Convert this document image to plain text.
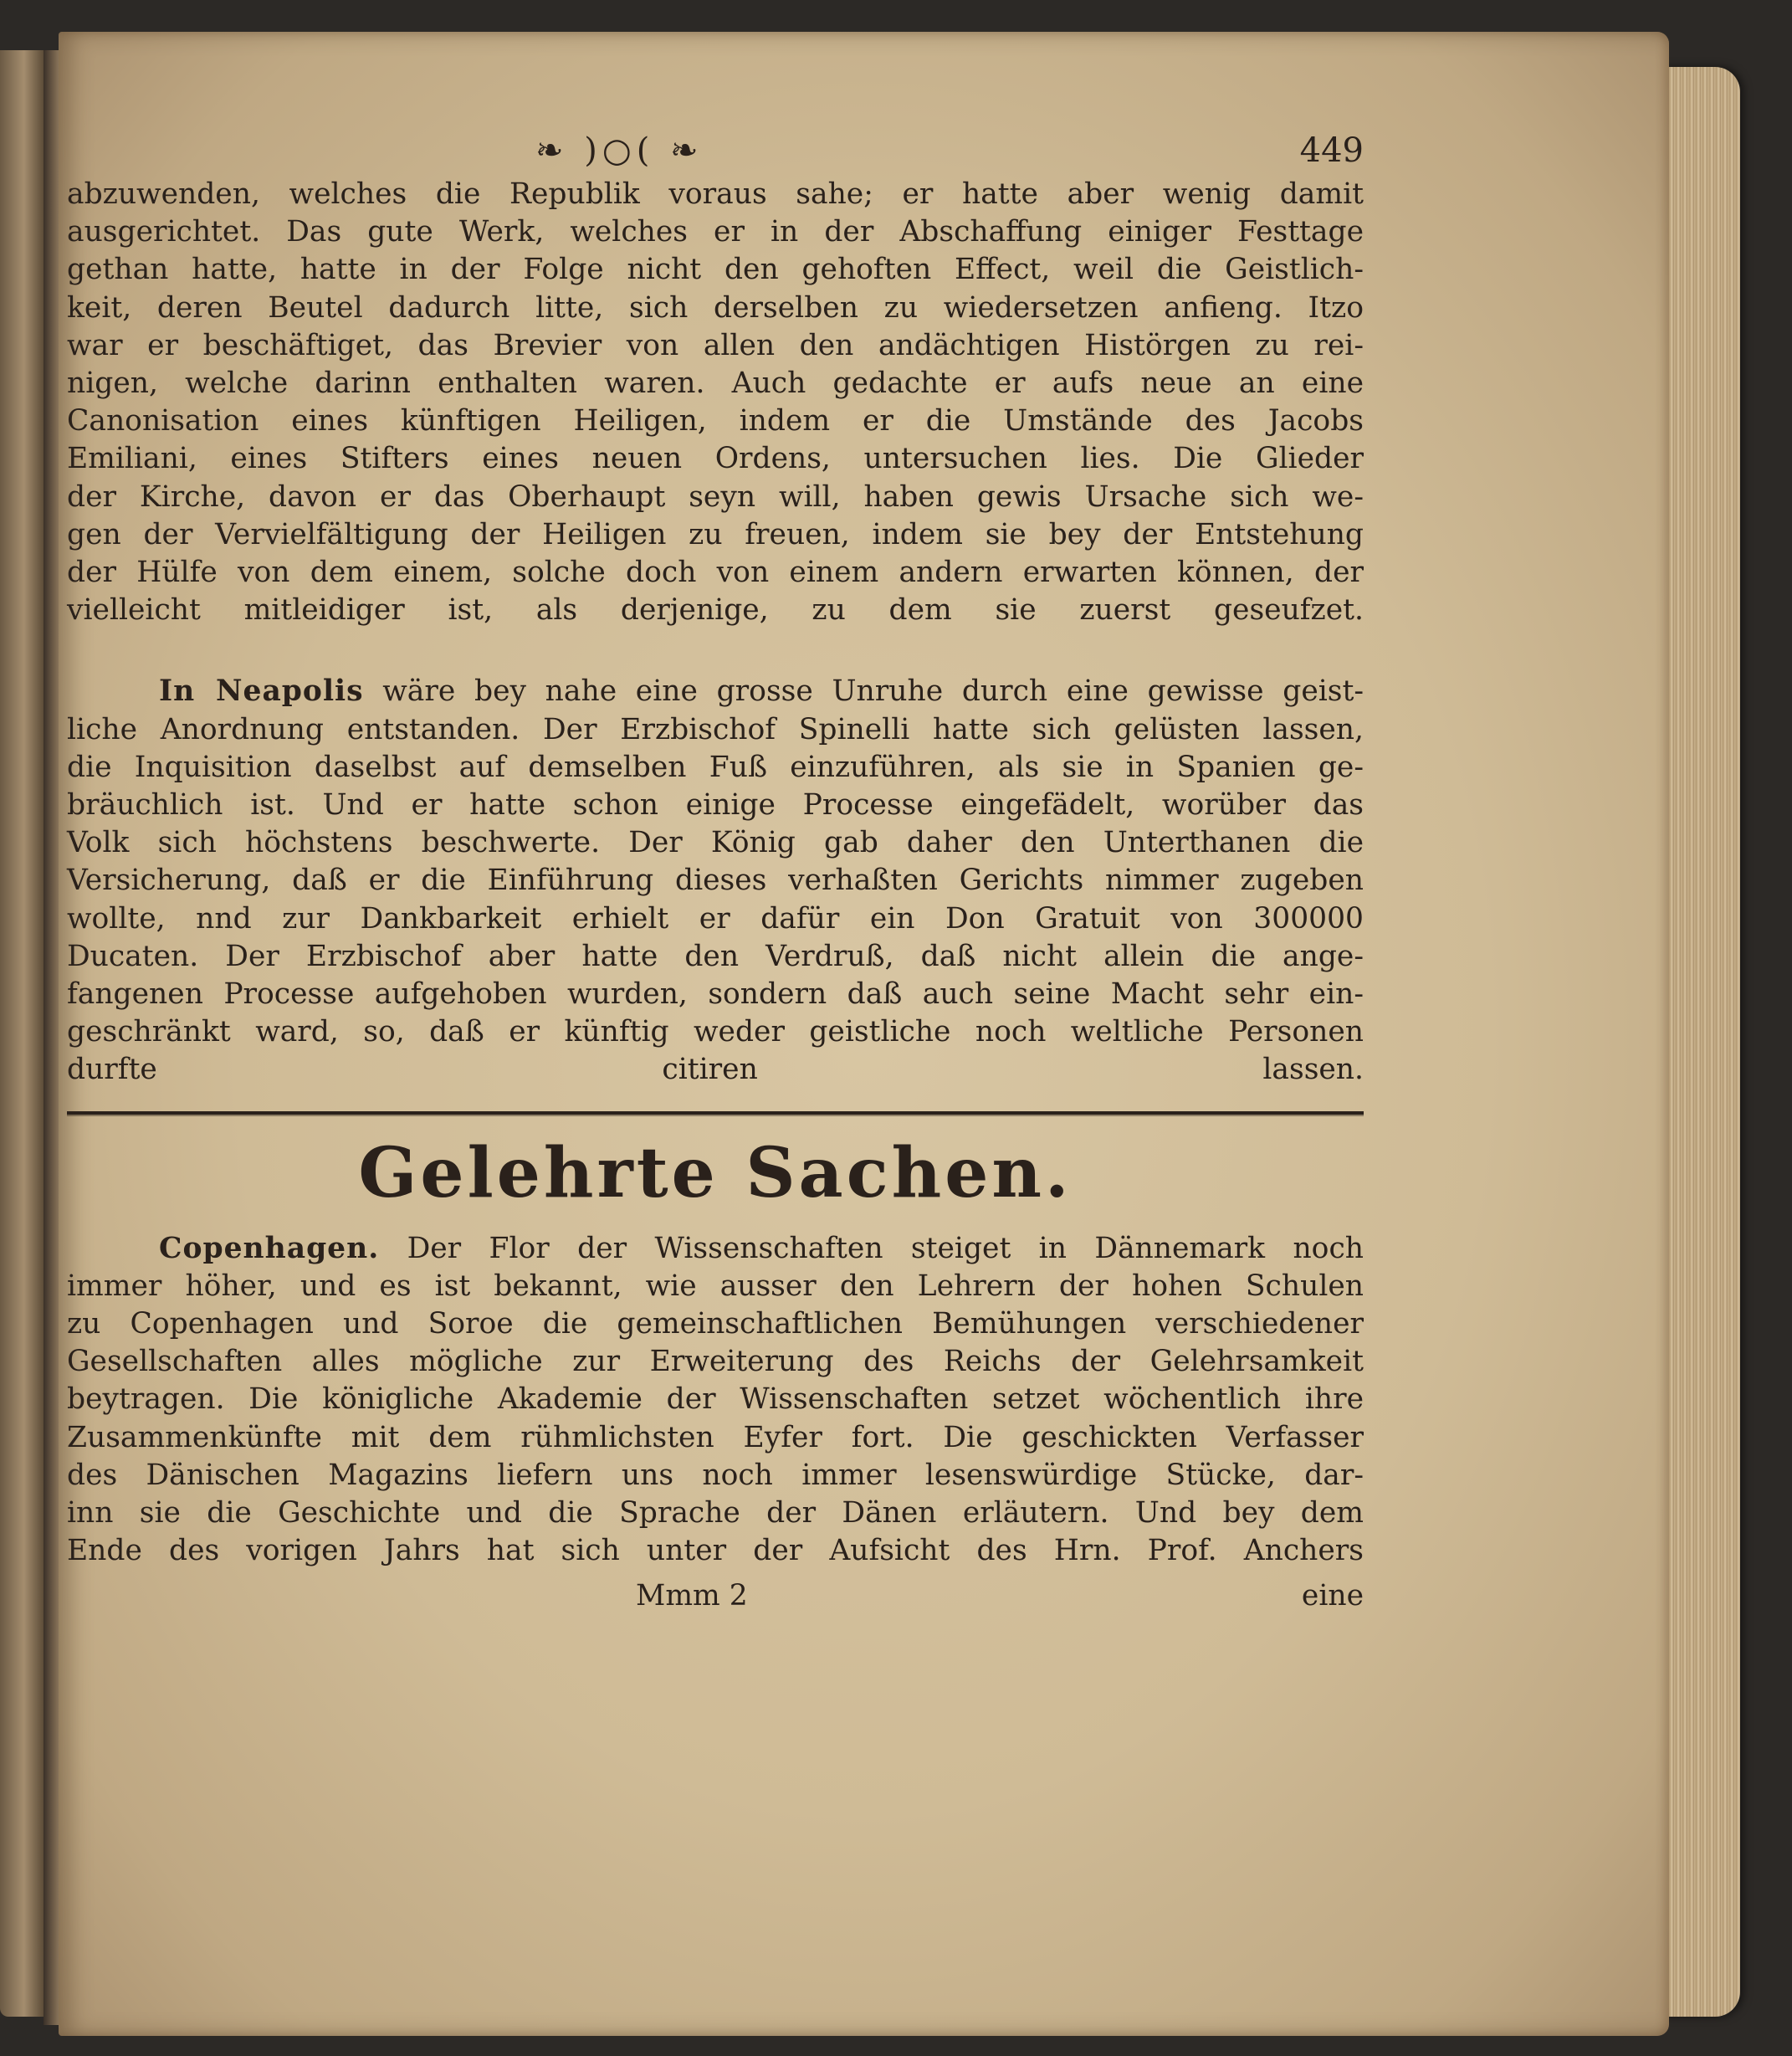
❧ )○( ❧	449
abzuwenden, welches die Republik voraus sahe; er hatte aber wenig damit
ausgerichtet. Das gute Werk, welches er in der Abschaffung einiger Festtage
gethan hatte, hatte in der Folge nicht den gehoften Effect, weil die Geistlich-
keit, deren Beutel dadurch litte, sich derselben zu wiedersetzen anfieng. Itzo
war er beschäftiget, das Brevier von allen den andächtigen Histörgen zu rei-
nigen, welche darinn enthalten waren. Auch gedachte er aufs neue an eine
Canonisation eines künftigen Heiligen, indem er die Umstände des Jacobs
Emiliani, eines Stifters eines neuen Ordens, untersuchen lies. Die Glieder
der Kirche, davon er das Oberhaupt seyn will, haben gewis Ursache sich we-
gen der Vervielfältigung der Heiligen zu freuen, indem sie bey der Entstehung
der Hülfe von dem einem, solche doch von einem andern erwarten können, der
vielleicht mitleidiger ist, als derjenige, zu dem sie zuerst geseufzet.
In Neapolis wäre bey nahe eine grosse Unruhe durch eine gewisse geist-
liche Anordnung entstanden. Der Erzbischof Spinelli hatte sich gelüsten lassen,
die Inquisition daselbst auf demselben Fuß einzuführen, als sie in Spanien ge-
bräuchlich ist. Und er hatte schon einige Processe eingefädelt, worüber das
Volk sich höchstens beschwerte. Der König gab daher den Unterthanen die
Versicherung, daß er die Einführung dieses verhaßten Gerichts nimmer zugeben
wollte, nnd zur Dankbarkeit erhielt er dafür ein Don Gratuit von 300000
Ducaten. Der Erzbischof aber hatte den Verdruß, daß nicht allein die ange-
fangenen Processe aufgehoben wurden, sondern daß auch seine Macht sehr ein-
geschränkt ward, so, daß er künftig weder geistliche noch weltliche Personen
durfte citiren lassen.
Gelehrte Sachen.
Copenhagen. Der Flor der Wissenschaften steiget in Dännemark noch
immer höher, und es ist bekannt, wie ausser den Lehrern der hohen Schulen
zu Copenhagen und Soroe die gemeinschaftlichen Bemühungen verschiedener
Gesellschaften alles mögliche zur Erweiterung des Reichs der Gelehrsamkeit
beytragen. Die königliche Akademie der Wissenschaften setzet wöchentlich ihre
Zusammenkünfte mit dem rühmlichsten Eyfer fort. Die geschickten Verfasser
des Dänischen Magazins liefern uns noch immer lesenswürdige Stücke, dar-
inn sie die Geschichte und die Sprache der Dänen erläutern. Und bey dem
Ende des vorigen Jahrs hat sich unter der Aufsicht des Hrn. Prof. Anchers
Mmm 2	eine
